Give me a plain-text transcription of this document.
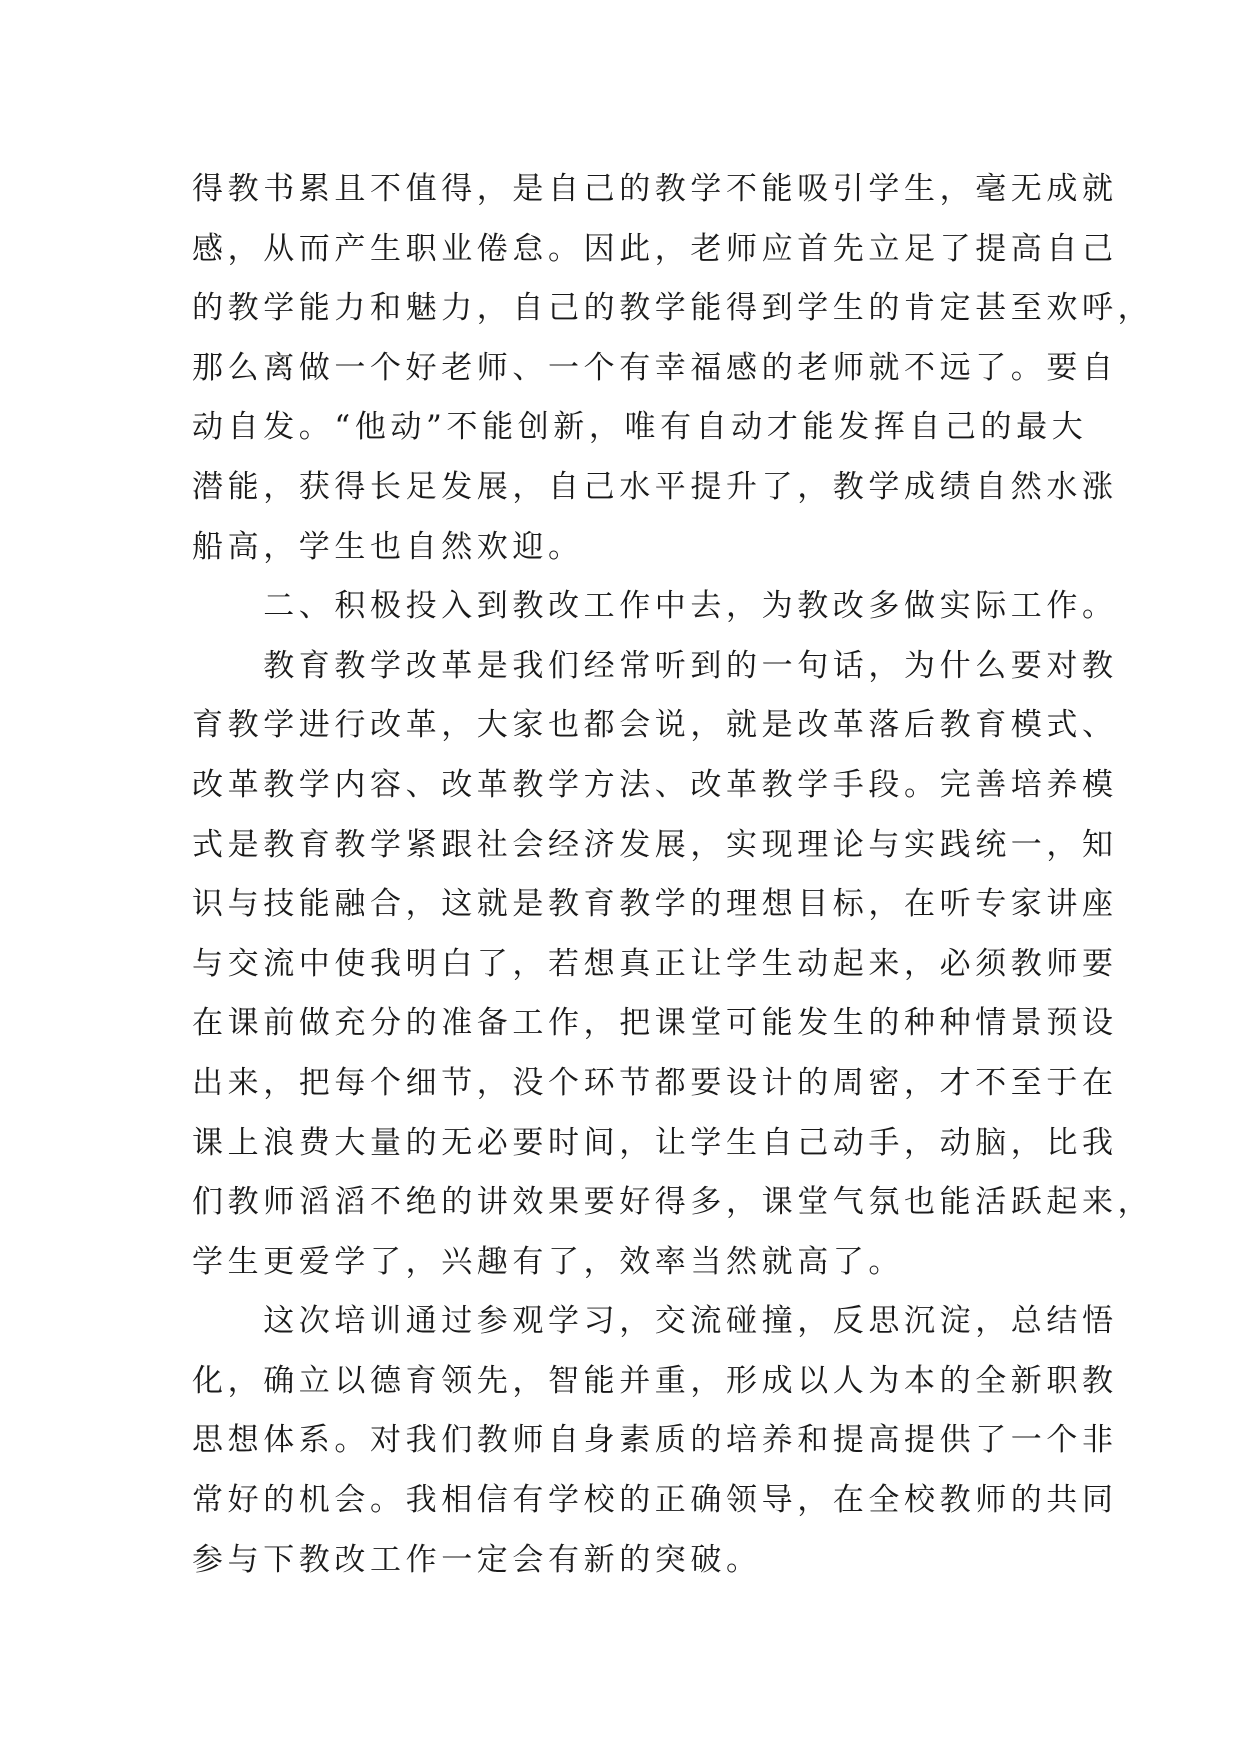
得教书累且不值得，是自己的教学不能吸引学生，毫无成就
感，从而产生职业倦怠。因此，老师应首先立足了提高自己
的教学能力和魅力，自己的教学能得到学生的肯定甚至欢呼，
那么离做一个好老师、一个有幸福感的老师就不远了。要自
动自发。“他动”不能创新，唯有自动才能发挥自己的最大
潜能，获得长足发展，自己水平提升了，教学成绩自然水涨
船高，学生也自然欢迎。
　　二、积极投入到教改工作中去，为教改多做实际工作。
　　教育教学改革是我们经常听到的一句话，为什么要对教
育教学进行改革，大家也都会说，就是改革落后教育模式、
改革教学内容、改革教学方法、改革教学手段。完善培养模
式是教育教学紧跟社会经济发展，实现理论与实践统一，知
识与技能融合，这就是教育教学的理想目标，在听专家讲座
与交流中使我明白了，若想真正让学生动起来，必须教师要
在课前做充分的准备工作，把课堂可能发生的种种情景预设
出来，把每个细节，没个环节都要设计的周密，才不至于在
课上浪费大量的无必要时间，让学生自己动手，动脑，比我
们教师滔滔不绝的讲效果要好得多，课堂气氛也能活跃起来，
学生更爱学了，兴趣有了，效率当然就高了。
　　这次培训通过参观学习，交流碰撞，反思沉淀，总结悟
化，确立以德育领先，智能并重，形成以人为本的全新职教
思想体系。对我们教师自身素质的培养和提高提供了一个非
常好的机会。我相信有学校的正确领导，在全校教师的共同
参与下教改工作一定会有新的突破。
